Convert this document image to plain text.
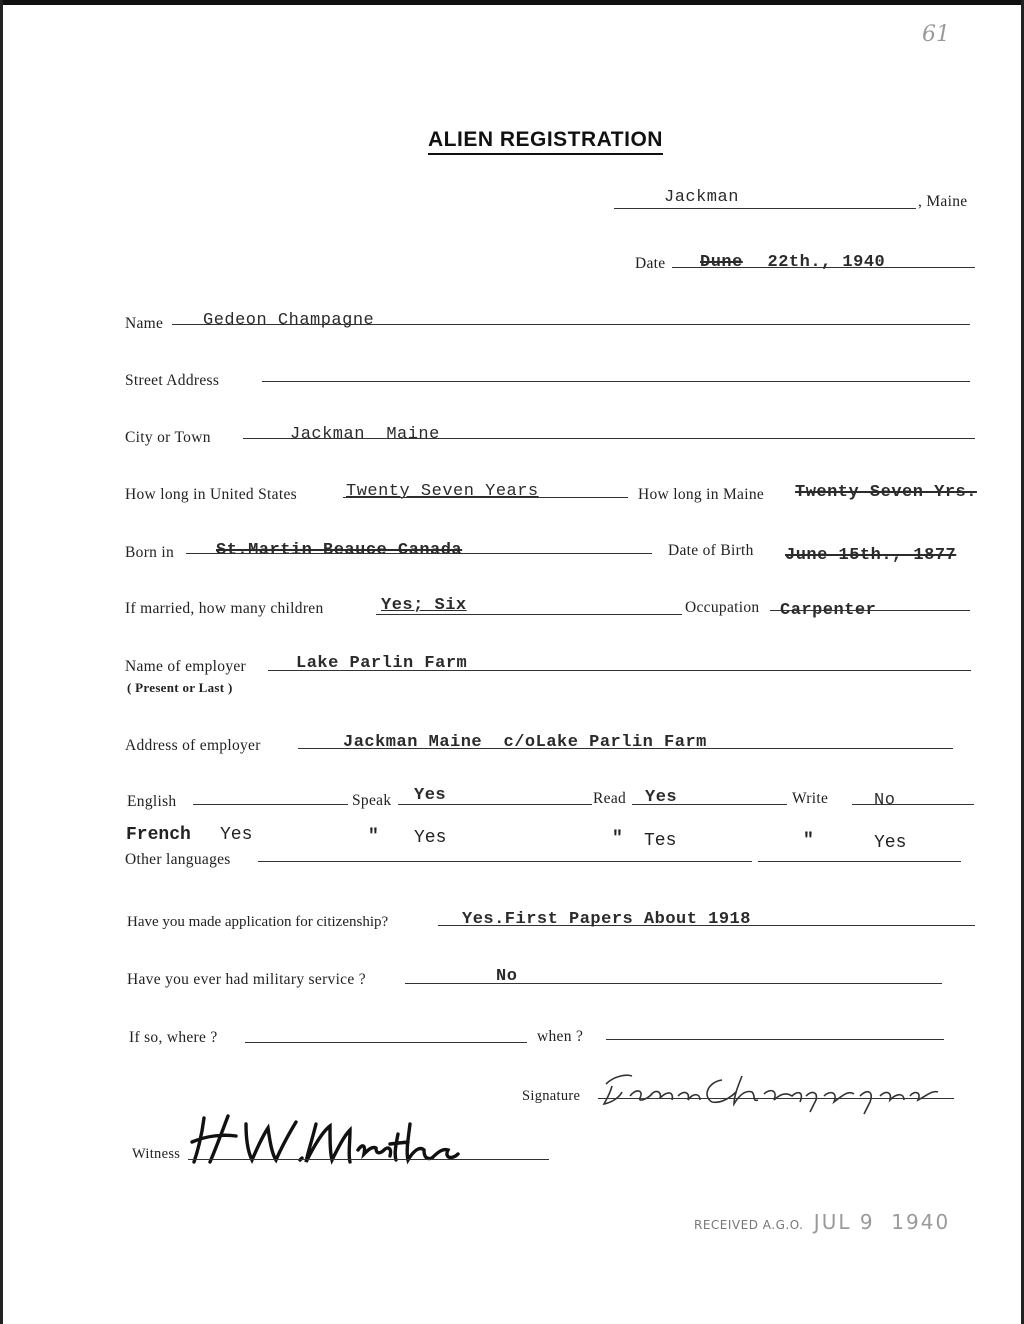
61
ALIEN REGISTRATION
Jackman	, Maine
Date Dune 22th., 1940
Name Gedeon Champagne
Street Address
City or Town	Jackman  Maine
How long in United States	Twenty Seven Years	How long in Maine Twenty Seven Yrs.
Born in St.Martin Beauce Canada	Date of Birth June 15th., 1877
If married, how many children	Yes; Six	Occupation Carpenter
Name of employer
( Present or Last )
Lake Parlin Farm
Address of employer	Jackman Maine  c/oLake Parlin Farm
English	Speak Yes	Read Yes	Write	No
French Yes	" Yes	" Tes	"	Yes
Other languages
Have you made application for citizenship?	Yes.First Papers About 1918
Have you ever had military service ?	No
If so, where ?	when ?
Signature
Witness
RECEIVED A.G.O. JUL 9  1940
